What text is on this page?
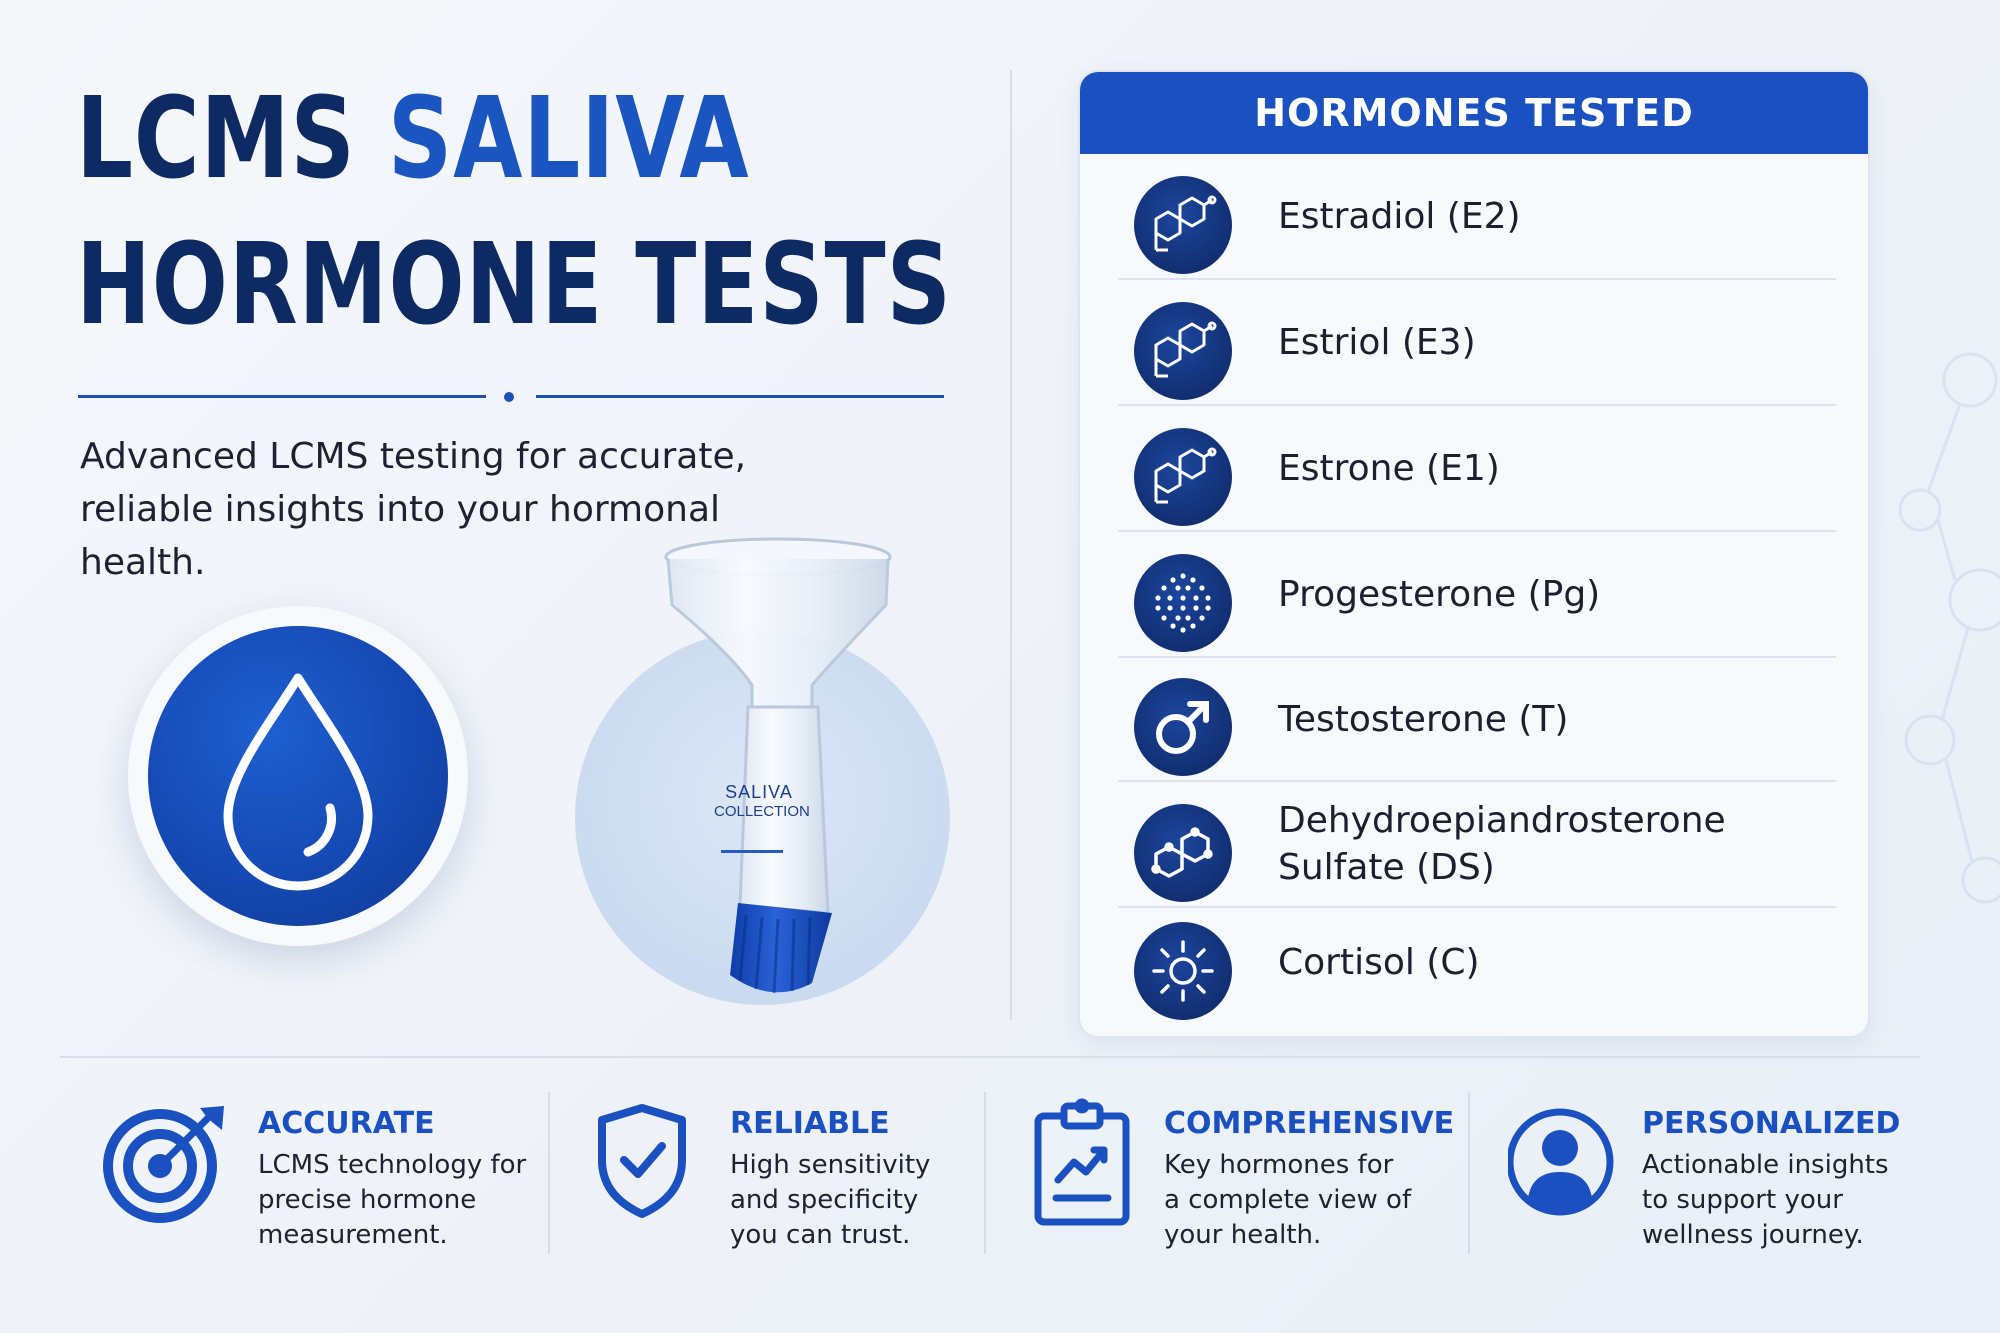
LCMS SALIVA
HORMONE TESTS
Advanced LCMS testing for accurate,
reliable insights into your hormonal
health.
SALIVA
COLLECTION
HORMONES TESTED
Estradiol (E2)
Estriol (E3)
Estrone (E1)
Progesterone (Pg)
Testosterone (T)
Dehydroepiandrosterone
Sulfate (DS)
Cortisol (C)
ACCURATE
LCMS technology for
precise hormone
measurement.
RELIABLE
High sensitivity
and specificity
you can trust.
COMPREHENSIVE
Key hormones for
a complete view of
your health.
PERSONALIZED
Actionable insights
to support your
wellness journey.
